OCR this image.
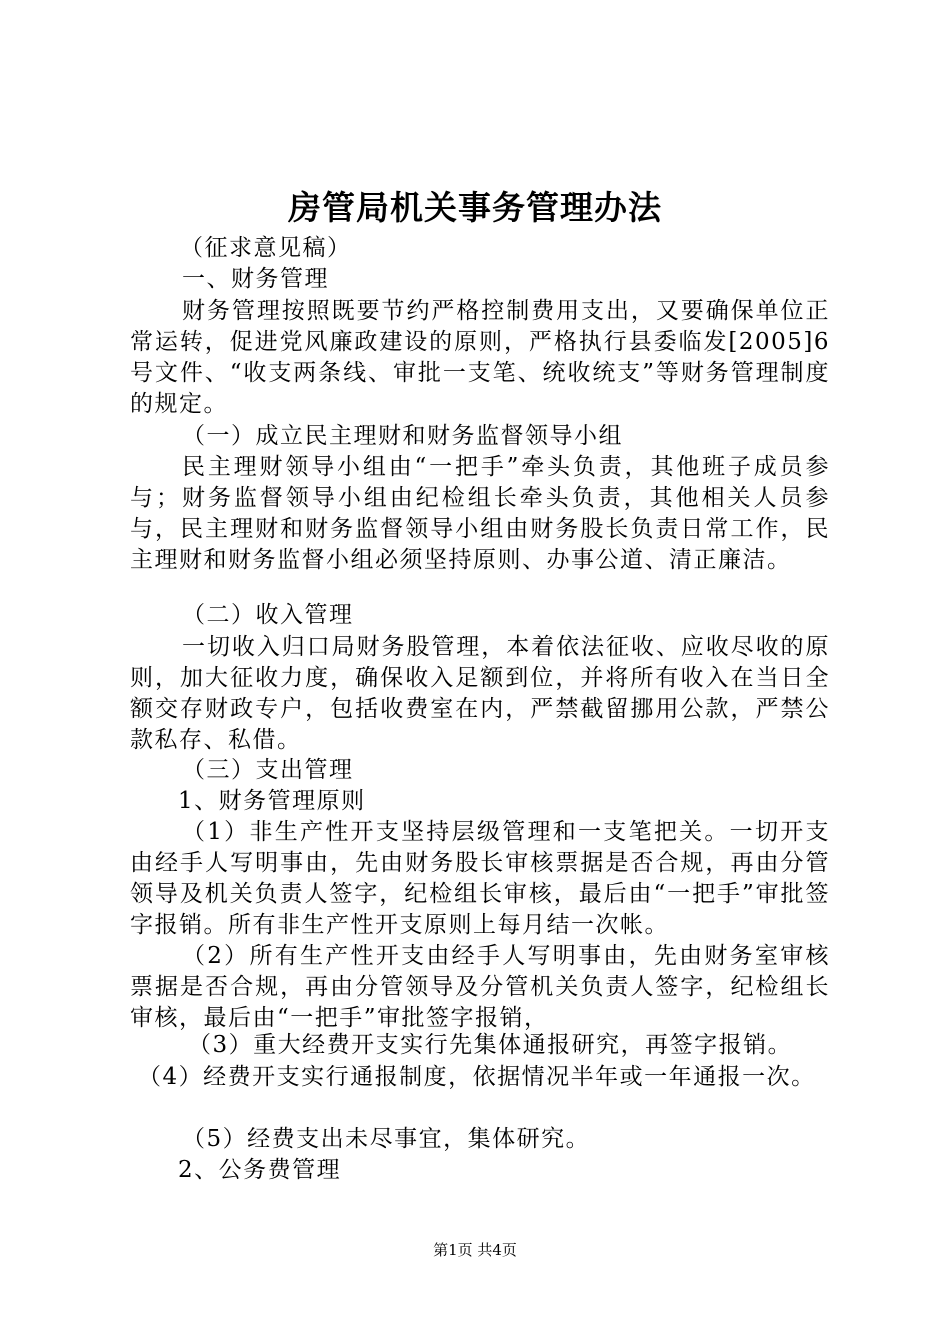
房管局机关事务管理办法
（征求意见稿）
一、财务管理
财务管理按照既要节约严格控制费用支出，又要确保单位正常运转，促进党风廉政建设的原则，严格执行县委临发[2005]6号文件、“收支两条线、审批一支笔、统收统支”等财务管理制度的规定。
（一）成立民主理财和财务监督领导小组
民主理财领导小组由“一把手”牵头负责，其他班子成员参与；财务监督领导小组由纪检组长牵头负责，其他相关人员参与，民主理财和财务监督领导小组由财务股长负责日常工作，民主理财和财务监督小组必须坚持原则、办事公道、清正廉洁。
（二）收入管理
一切收入归口局财务股管理，本着依法征收、应收尽收的原则，加大征收力度，确保收入足额到位，并将所有收入在当日全额交存财政专户，包括收费室在内，严禁截留挪用公款，严禁公款私存、私借。
（三）支出管理
1、财务管理原则
（1）非生产性开支坚持层级管理和一支笔把关。一切开支由经手人写明事由，先由财务股长审核票据是否合规，再由分管领导及机关负责人签字，纪检组长审核，最后由“一把手”审批签字报销。所有非生产性开支原则上每月结一次帐。
（2）所有生产性开支由经手人写明事由，先由财务室审核票据是否合规，再由分管领导及分管机关负责人签字，纪检组长审核，最后由“一把手”审批签字报销，
（3）重大经费开支实行先集体通报研究，再签字报销。
（4）经费开支实行通报制度，依据情况半年或一年通报一次。
（5）经费支出未尽事宜，集体研究。
2、公务费管理
第1页 共4页
